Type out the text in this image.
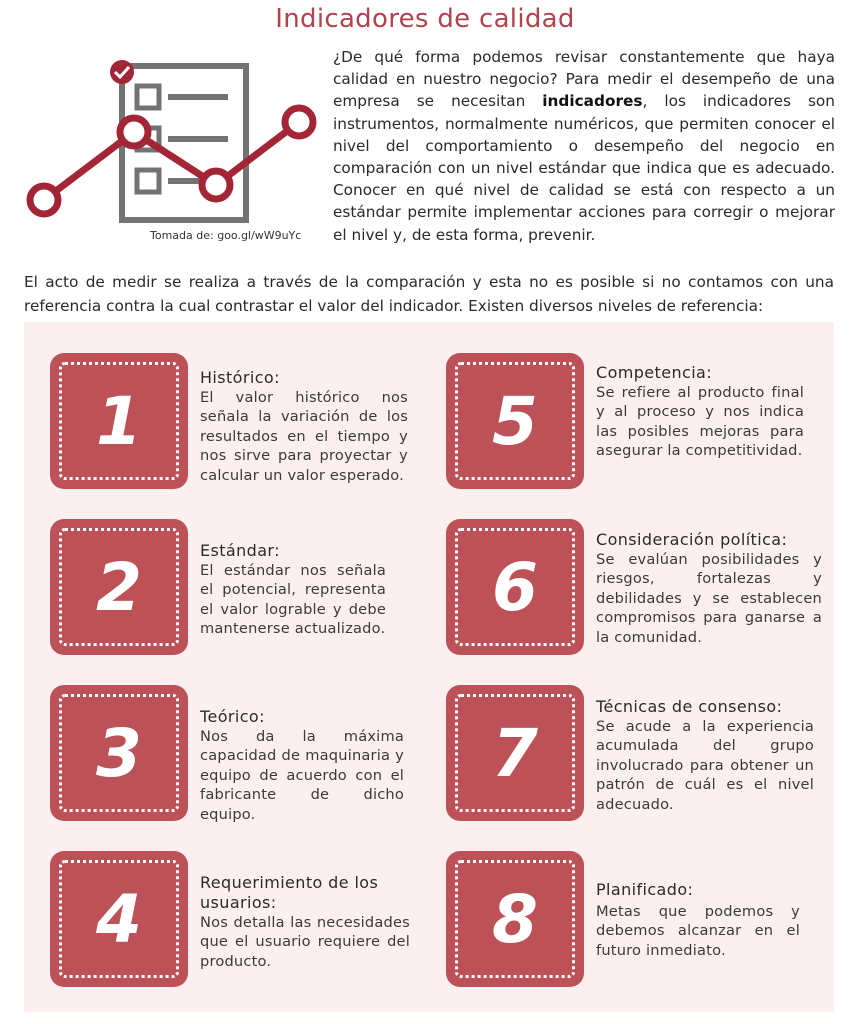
Indicadores de calidad
Tomada de: goo.gl/wW9uYc
¿De qué forma podemos revisar constantemente que haya calidad en nuestro negocio? Para medir el desempeño de una empresa se necesitan indicadores, los indicadores son instrumentos, normalmente numéricos, que permiten conocer el nivel del comportamiento o desempeño del negocio en comparación con un nivel estándar que indica que es adecuado. Conocer en qué nivel de calidad se está con respecto a un estándar permite implementar acciones para corregir o mejorar el nivel y, de esta forma, prevenir.
El acto de medir se realiza a través de la comparación y esta no es posible si no contamos con una referencia contra la cual contrastar el valor del indicador. Existen diversos niveles de referencia:
1
Histórico:
El valor histórico nos señala la variación de los resultados en el tiempo y nos sirve para proyectar y calcular un valor esperado.
2	Estándar:
El estándar nos señala el potencial, representa el valor lograble y debe mantenerse actualizado.
3	Teórico:
Nos da la máxima capacidad de maquinaria y equipo de acuerdo con el fabricante de dicho equipo.
4	Requerimiento de los usuarios:
Nos detalla las necesidades que el usuario requiere del producto.
5
Competencia:
Se refiere al producto final y al proceso y nos indica las posibles mejoras para asegurar la competitividad.
6
Consideración política:
Se evalúan posibilidades y riesgos, fortalezas y debilidades y se establecen compromisos para ganarse a la comunidad.
7
Técnicas de consenso:
Se acude a la experiencia acumulada del grupo involucrado para obtener un patrón de cuál es el nivel adecuado.
8	Planificado:
Metas que podemos y debemos alcanzar en el futuro inmediato.
